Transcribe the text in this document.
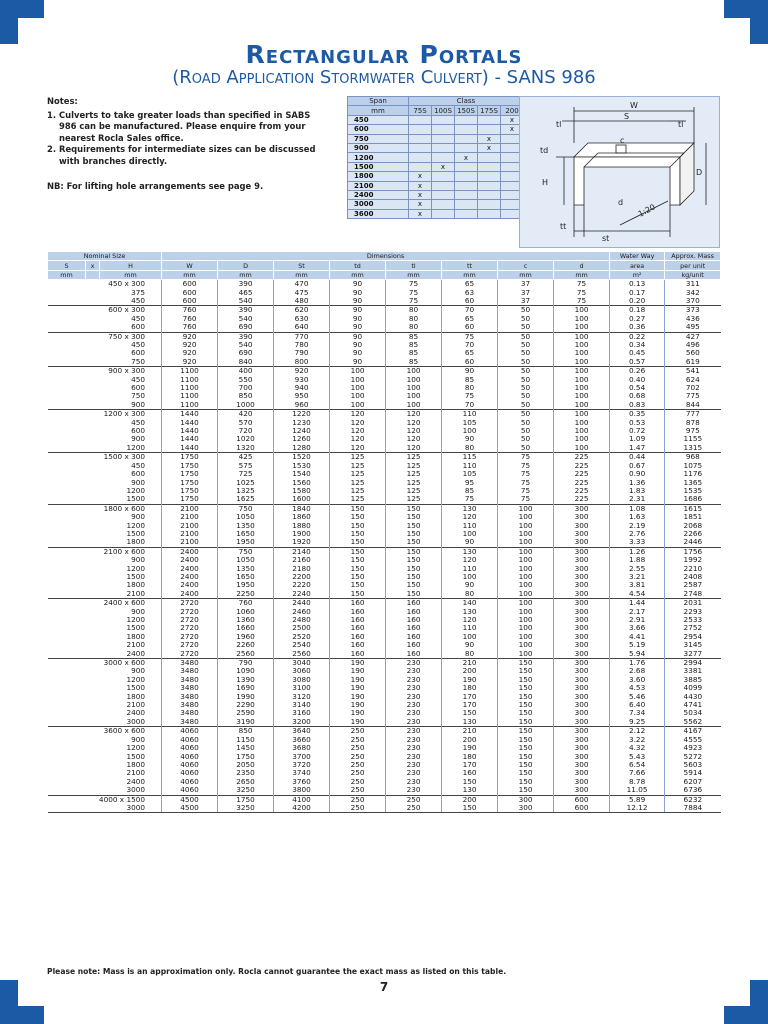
Rectangular Portals
(Road Application Stormwater Culvert) - SANS 986
Notes:
1. Culverts to take greater loads than specified in SABS 986 can be manufactured. Please enquire from your nearest Rocla Sales office.
2. Requirements for intermediate sizes can be discussed with branches directly.
NB: For lifting hole arrangements see page 9.
Span	Class				
mm	75S	100S	150S	175S	200
450					x
600					x
750				x	
900				x	
1200			x		
1500		x			
1800	x				
2100	x				
2400	x				
3000	x				
3600	x				
W
S
tl	tl
td
c
D
H
d
tt
st
1:20
Nominal Size			Dimensions								Water Way	Approx. Mass
S	x	H	W	D	St	td	tl	tt	c	d	area	per unit
mm		mm	mm	mm	mm	mm	mm	mm	mm	mm	m²	kg/unit
450 x 300			600	390	470	90	75	65	37	75	0.13	311
375			600	465	475	90	75	63	37	75	0.17	342
450			600	540	480	90	75	60	37	75	0.20	370
600 x 300			760	390	620	90	80	70	50	100	0.18	373
450			760	540	630	90	80	65	50	100	0.27	436
600			760	690	640	90	80	60	50	100	0.36	495
750 x 300			920	390	770	90	85	75	50	100	0.22	427
450			920	540	780	90	85	70	50	100	0.34	496
600			920	690	790	90	85	65	50	100	0.45	560
750			920	840	800	90	85	60	50	100	0.57	619
900 x 300			1100	400	920	100	100	90	50	100	0.26	541
450			1100	550	930	100	100	85	50	100	0.40	624
600			1100	700	940	100	100	80	50	100	0.54	702
750			1100	850	950	100	100	75	50	100	0.68	775
900			1100	1000	960	100	100	70	50	100	0.83	844
1200 x 300			1440	420	1220	120	120	110	50	100	0.35	777
450			1440	570	1230	120	120	105	50	100	0.53	878
600			1440	720	1240	120	120	100	50	100	0.72	975
900			1440	1020	1260	120	120	90	50	100	1.09	1155
1200			1440	1320	1280	120	120	80	50	100	1.47	1315
1500 x 300			1750	425	1520	125	125	115	75	225	0.44	968
450			1750	575	1530	125	125	110	75	225	0.67	1075
600			1750	725	1540	125	125	105	75	225	0.90	1176
900			1750	1025	1560	125	125	95	75	225	1.36	1365
1200			1750	1325	1580	125	125	85	75	225	1.83	1535
1500			1750	1625	1600	125	125	75	75	225	2.31	1686
1800 x 600			2100	750	1840	150	150	130	100	300	1.08	1615
900			2100	1050	1860	150	150	120	100	300	1.63	1851
1200			2100	1350	1880	150	150	110	100	300	2.19	2068
1500			2100	1650	1900	150	150	100	100	300	2.76	2266
1800			2100	1950	1920	150	150	90	100	300	3.33	2446
2100 x 600			2400	750	2140	150	150	130	100	300	1.26	1756
900			2400	1050	2160	150	150	120	100	300	1.88	1992
1200			2400	1350	2180	150	150	110	100	300	2.55	2210
1500			2400	1650	2200	150	150	100	100	300	3.21	2408
1800			2400	1950	2220	150	150	90	100	300	3.81	2587
2100			2400	2250	2240	150	150	80	100	300	4.54	2748
2400 x 600			2720	760	2440	160	160	140	100	300	1.44	2031
900			2720	1060	2460	160	160	130	100	300	2.17	2293
1200			2720	1360	2480	160	160	120	100	300	2.91	2533
1500			2720	1660	2500	160	160	110	100	300	3.66	2752
1800			2720	1960	2520	160	160	100	100	300	4.41	2954
2100			2720	2260	2540	160	160	90	100	300	5.19	3145
2400			2720	2560	2560	160	160	80	100	300	5.94	3277
3000 x 600			3480	790	3040	190	230	210	150	300	1.76	2994
900			3480	1090	3060	190	230	200	150	300	2.68	3381
1200			3480	1390	3080	190	230	190	150	300	3.60	3885
1500			3480	1690	3100	190	230	180	150	300	4.53	4099
1800			3480	1990	3120	190	230	170	150	300	5.46	4430
2100			3480	2290	3140	190	230	170	150	300	6.40	4741
2400			3480	2590	3160	190	230	150	150	300	7.34	5034
3000			3480	3190	3200	190	230	130	150	300	9.25	5562
3600 x 600			4060	850	3640	250	230	210	150	300	2.12	4167
900			4060	1150	3660	250	230	200	150	300	3.22	4555
1200			4060	1450	3680	250	230	190	150	300	4.32	4923
1500			4060	1750	3700	250	230	180	150	300	5.43	5272
1800			4060	2050	3720	250	230	170	150	300	6.54	5603
2100			4060	2350	3740	250	230	160	150	300	7.66	5914
2400			4060	2650	3760	250	230	150	150	300	8.78	6207
3000			4060	3250	3800	250	230	130	150	300	11.05	6736
4000 x 1500			4500	1750	4100	250	250	200	300	600	5.89	6232
3000			4500	3250	4200	250	250	150	300	600	12.12	7884
Please note: Mass is an approximation only. Rocla cannot guarantee the exact mass as listed on this table.
7
